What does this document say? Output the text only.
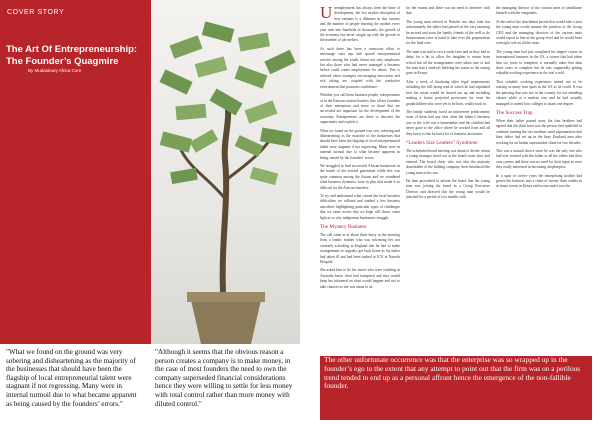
COVER STORY
The Art Of Entrepreneurship:
The Founder’s Quagmire
By Mudasiruuy Africa Core
"What we found on the ground was very sobering and disheartening as the majority of the businesses that should have been the flagship of local entrepreneurial talent were stagnant if not regressing. Many were in internal turmoil due to what became apparent as being caused by the founders’ errors."
"Although it seems that the obvious reason a person creates a company is to make money, in the case of most founders the need to own the company superseded financial considerations hence they were willing to settle for less money with total control rather than more money with diluted control."

Unemployment has always been the bane of development, the low market absorption of new entrants is a dilemma in this country and the number of people entering the market every year runs into hundreds of thousands; the growth of the economy has never caught up with the growth in the number of job seekers.

As such there has been a conscious effort to encourage start ups and spread entrepreneurial activity among the youth, hence not only employers but also those who had never managed a business before could create employment for others. This is advised when strategies encouraging innovation and risk taking are coupled with the conducive environment that promotes confidence.

Whether you call them business people, entrepreneurs or in the Kenyan context hustlers they all are founders of their enterprises and more so those that are successful are important for the development of the economy. Entrepreneurs are there to discover the opportunity and exploit it.

What we found on the ground was very sobering and disheartening as the majority of the businesses that should have been the flagship of local entrepreneurial talent were stagnant if not regressing. Many were in internal turmoil due to what became apparent as being caused by the founders’ errors.

We struggled to find successful African businesses in the hands of the second generation while this was quite common among the Asians and we wondered what business dynamics were in play that made it so difficult for the African founders.

To try and understand what caused the local business difficulties we collated and studied a few business anecdotes highlighting particular types of challenges that we came across that we hope will throw some light as to why indigenous businesses struggle.

The Mystery Business

The call came in at about three thirty in the morning from a frantic mother who was informing her son currently schooling in England that he had to make arrangements to urgently get back home as his father had taken ill and had been rushed to ICU at Nairobi Hospital.

She asked him to let his sisters who were studying in Australia know what had transpired and they would keep her informed on what would happen and not to take chances as she was about to sit

for her exams and there was no need to interfere with that.

The young man arrived in Nairobi two days later but unfortunately the father had passed on the very morning he arrived and soon the family friends of the well to do businessman were at hand to take over the preparations for the final rites.

The man was laid to rest a week later and as they had to delay for a bit to allow the daughter to return from school but all the arrangements were taken care of and the man had a send-off befitting his status as the saying goes in Kenya.

After a week of finalizing other legal requirements including the will being read in which he had stipulated how his estate would be shared out up and including making a future projected provisions for even his grandchildren who were yet to be born, reality took in.

The family suddenly faced an unforeseen predicament; none of them had any idea what the father’s business was or the wife was a homemaker and the children had never gone to the office where he worked from and all they knew is that he had a lot of business associates.

“Leaders Size Leaders” Syndrome

The scheduled board meeting was about to decide whom a young manager hired out at the board room door and entered. The board chair, who was also the majority shareholder of the holding company, then introduced the young man as his son.

He then proceeded to inform the board that the young man was joining the board as a Group Executive Director and directed that the young man would be attached for a period of two months with

the managing director of the various units to familiarize himself with the companies.

At the end of the attachment period that would take a year the young man would assume the position of the Group CEO and the managing directors of the various units would report to him at the group level and he would have oversight role on all the units.

The young man had just completed his degree course in international business in the US, a course that had taken him six years to complete, it normally takes less than three years to complete but he was supposedly getting valuable working experience in the real world.

That valuable working experience turned out to be waiting as many host spots in the US as he could. It was the partying that was not in the country for out attending classes while at a student visa and he had actually managed to attend four colleges to attain one degree.

The Success Trap

When their father passed away the four brothers had agreed that the third born was the person best qualified to continue running the two medium sized supermarkets that their father had set up in the busy Eastland area after working for an Indian supermarket chain for two decades.

This was a natural choice since he was the only one who had ever worked with the father as all the others had their own careers and there was no need for their input as were they really interested in becoming shopkeepers.

In a span of twelve years the enterprising brother had grown the business into a chain of twenty three outlets in as many towns in Kenya and in one outlet was the

The other unfortunate occurrence was that the enterprise was so wrapped up in the founder’s ego to the extent that any attempt to point out that the firm was on a perilous trend tended to end up as a personal affront hence the emergence of the non-fallible founder.
